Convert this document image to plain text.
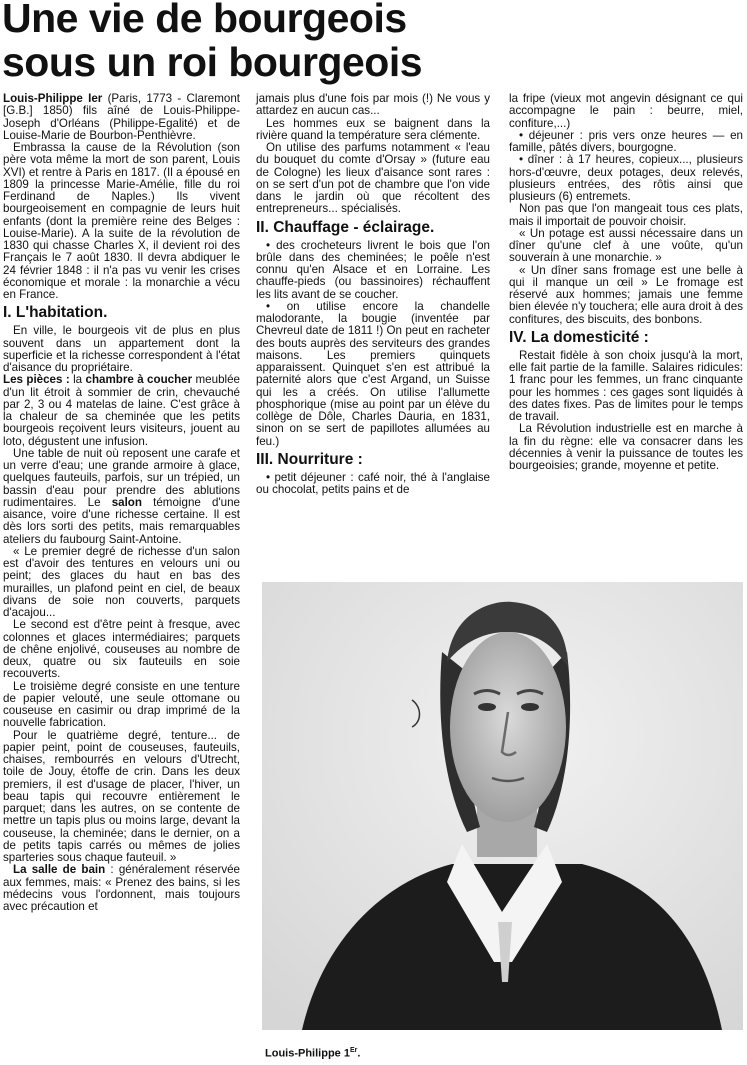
Une vie de bourgeois
sous un roi bourgeois

Louis-Philippe Ier (Paris, 1773 - Claremont [G.B.] 1850) fils aîné de Louis-Philippe-Joseph d'Orléans (Philippe-Egalité) et de Louise-Marie de Bourbon-Penthièvre.

Embrassa la cause de la Révolution (son père vota même la mort de son parent, Louis XVI) et rentre à Paris en 1817. (Il a épousé en 1809 la princesse Marie-Amélie, fille du roi Ferdinand de Naples.) Ils vivent bourgeoisement en compagnie de leurs huit enfants (dont la première reine des Belges : Louise-Marie). A la suite de la révolution de 1830 qui chasse Charles X, il devient roi des Français le 7 août 1830. Il devra abdiquer le 24 février 1848 : il n'a pas vu venir les crises économique et morale : la monarchie a vécu en France.

I. L'habitation.

En ville, le bourgeois vit de plus en plus souvent dans un appartement dont la superficie et la richesse correspondent à l'état d'aisance du propriétaire.

Les pièces : la chambre à coucher meublée d'un lit étroit à sommier de crin, chevauché par 2, 3 ou 4 matelas de laine. C'est grâce à la chaleur de sa cheminée que les petits bourgeois reçoivent leurs visiteurs, jouent au loto, dégustent une infusion.

Une table de nuit où reposent une carafe et un verre d'eau; une grande armoire à glace, quelques fauteuils, parfois, sur un trépied, un bassin d'eau pour prendre des ablutions rudimentaires. Le salon témoigne d'une aisance, voire d'une richesse certaine. Il est dès lors sorti des petits, mais remarquables ateliers du faubourg Saint-Antoine.

« Le premier degré de richesse d'un salon est d'avoir des tentures en velours uni ou peint; des glaces du haut en bas des murailles, un plafond peint en ciel, de beaux divans de soie non couverts, parquets d'acajou...

Le second est d'être peint à fresque, avec colonnes et glaces intermédiaires; parquets de chêne enjolivé, couseuses au nombre de deux, quatre ou six fauteuils en soie recouverts.

Le troisième degré consiste en une tenture de papier velouté, une seule ottomane ou couseuse en casimir ou drap imprimé de la nouvelle fabrication.

Pour le quatrième degré, tenture... de papier peint, point de couseuses, fauteuils, chaises, rembourrés en velours d'Utrecht, toile de Jouy, étoffe de crin. Dans les deux premiers, il est d'usage de placer, l'hiver, un beau tapis qui recouvre entièrement le parquet; dans les autres, on se contente de mettre un tapis plus ou moins large, devant la couseuse, la cheminée; dans le dernier, on a de petits tapis carrés ou mêmes de jolies sparteries sous chaque fauteuil. »

La salle de bain : généralement réservée aux femmes, mais: « Prenez des bains, si les médecins vous l'ordonnent, mais toujours avec précaution et

jamais plus d'une fois par mois (!) Ne vous y attardez en aucun cas...

Les hommes eux se baignent dans la rivière quand la température sera clémente.

On utilise des parfums notamment « l'eau du bouquet du comte d'Orsay » (future eau de Cologne) les lieux d'aisance sont rares : on se sert d'un pot de chambre que l'on vide dans le jardin où que récoltent des entrepreneurs... spécialisés.

II. Chauffage - éclairage.

• des crocheteurs livrent le bois que l'on brûle dans des cheminées; le poêle n'est connu qu'en Alsace et en Lorraine. Les chauffe-pieds (ou bassinoires) réchauffent les lits avant de se coucher.

• on utilise encore la chandelle malodorante, la bougie (inventée par Chevreul date de 1811 !) On peut en racheter des bouts auprès des serviteurs des grandes maisons. Les premiers quinquets apparaissent. Quinquet s'en est attribué la paternité alors que c'est Argand, un Suisse qui les a créés. On utilise l'allumette phosphorique (mise au point par un élève du collège de Dôle, Charles Dauria, en 1831, sinon on se sert de papillotes allumées au feu.)

III. Nourriture :

• petit déjeuner : café noir, thé à l'anglaise ou chocolat, petits pains et de

la fripe (vieux mot angevin désignant ce qui accompagne le pain : beurre, miel, confiture,...)

• déjeuner : pris vers onze heures — en famille, pâtés divers, bourgogne.

• dîner : à 17 heures, copieux..., plusieurs hors-d'œuvre, deux potages, deux relevés, plusieurs entrées, des rôtis ainsi que plusieurs (6) entremets.

Non pas que l'on mangeait tous ces plats, mais il importait de pouvoir choisir.

« Un potage est aussi nécessaire dans un dîner qu'une clef à une voûte, qu'un souverain à une monarchie. »

« Un dîner sans fromage est une belle à qui il manque un œil » Le fromage est réservé aux hommes; jamais une femme bien élevée n'y touchera; elle aura droit à des confitures, des biscuits, des bonbons.

IV. La domesticité :

Restait fidèle à son choix jusqu'à la mort, elle fait partie de la famille. Salaires ridicules: 1 franc pour les femmes, un franc cinquante pour les hommes : ces gages sont liquidés à des dates fixes. Pas de limites pour le temps de travail.

La Révolution industrielle est en marche à la fin du règne: elle va consacrer dans les décennies à venir la puissance de toutes les bourgeoisies; grande, moyenne et petite.

Louis-Philippe 1Er.
